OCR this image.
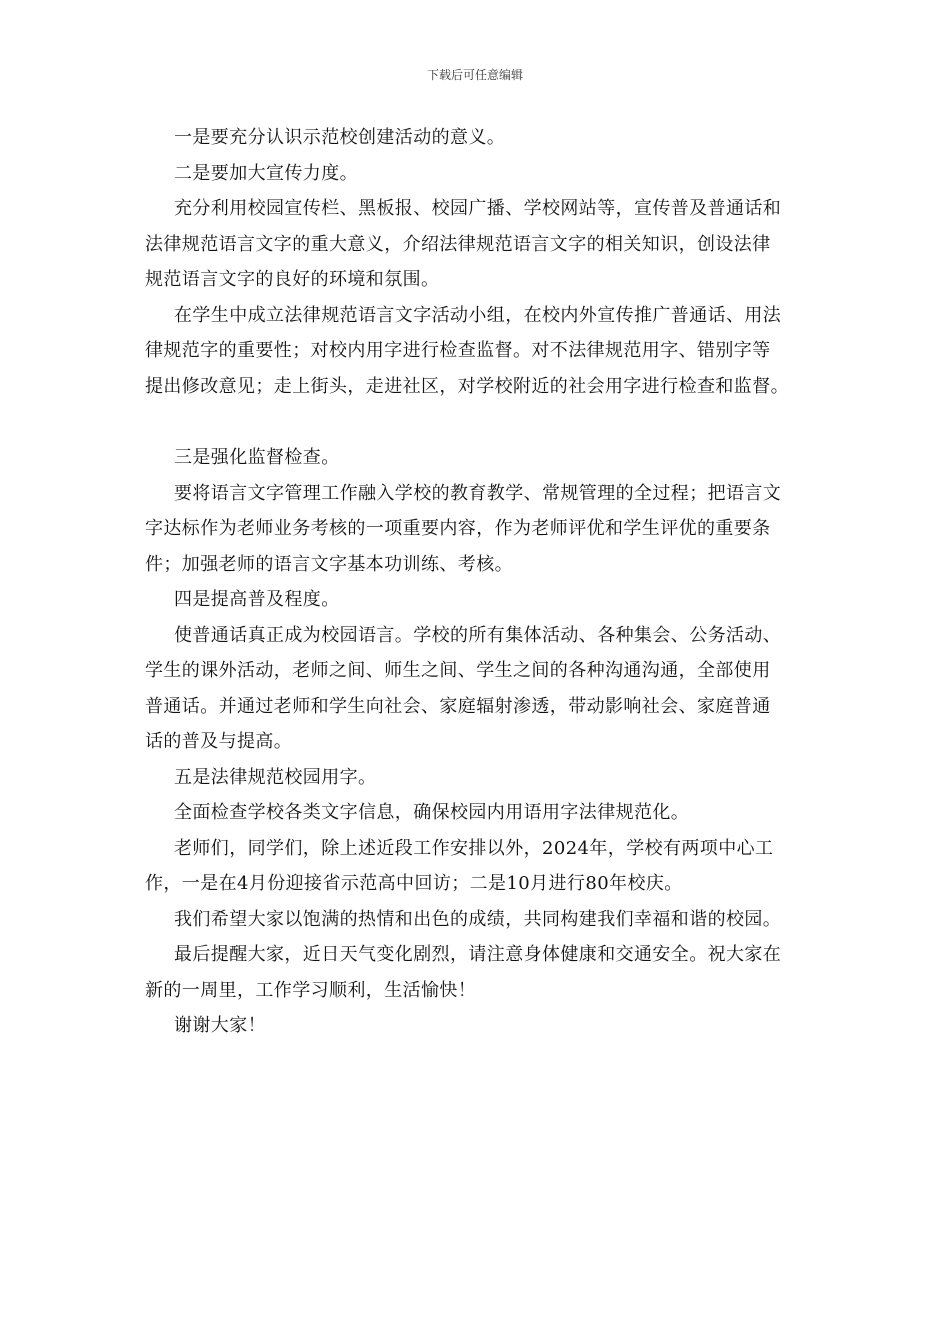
下载后可任意编辑
一是要充分认识示范校创建活动的意义。
二是要加大宣传力度。
充分利用校园宣传栏、黑板报、校园广播、学校网站等，宣传普及普通话和
法律规范语言文字的重大意义，介绍法律规范语言文字的相关知识，创设法律
规范语言文字的良好的环境和氛围。
在学生中成立法律规范语言文字活动小组，在校内外宣传推广普通话、用法
律规范字的重要性；对校内用字进行检查监督。对不法律规范用字、错别字等
提出修改意见；走上街头，走进社区，对学校附近的社会用字进行检查和监督。
三是强化监督检查。
要将语言文字管理工作融入学校的教育教学、常规管理的全过程；把语言文
字达标作为老师业务考核的一项重要内容，作为老师评优和学生评优的重要条
件；加强老师的语言文字基本功训练、考核。
四是提高普及程度。
使普通话真正成为校园语言。学校的所有集体活动、各种集会、公务活动、
学生的课外活动，老师之间、师生之间、学生之间的各种沟通沟通，全部使用
普通话。并通过老师和学生向社会、家庭辐射渗透，带动影响社会、家庭普通
话的普及与提高。
五是法律规范校园用字。
全面检查学校各类文字信息，确保校园内用语用字法律规范化。
老师们，同学们，除上述近段工作安排以外，2024年，学校有两项中心工
作，一是在4月份迎接省示范高中回访；二是10月进行80年校庆。
我们希望大家以饱满的热情和出色的成绩，共同构建我们幸福和谐的校园。
最后提醒大家，近日天气变化剧烈，请注意身体健康和交通安全。祝大家在
新的一周里，工作学习顺利，生活愉快！
谢谢大家！
